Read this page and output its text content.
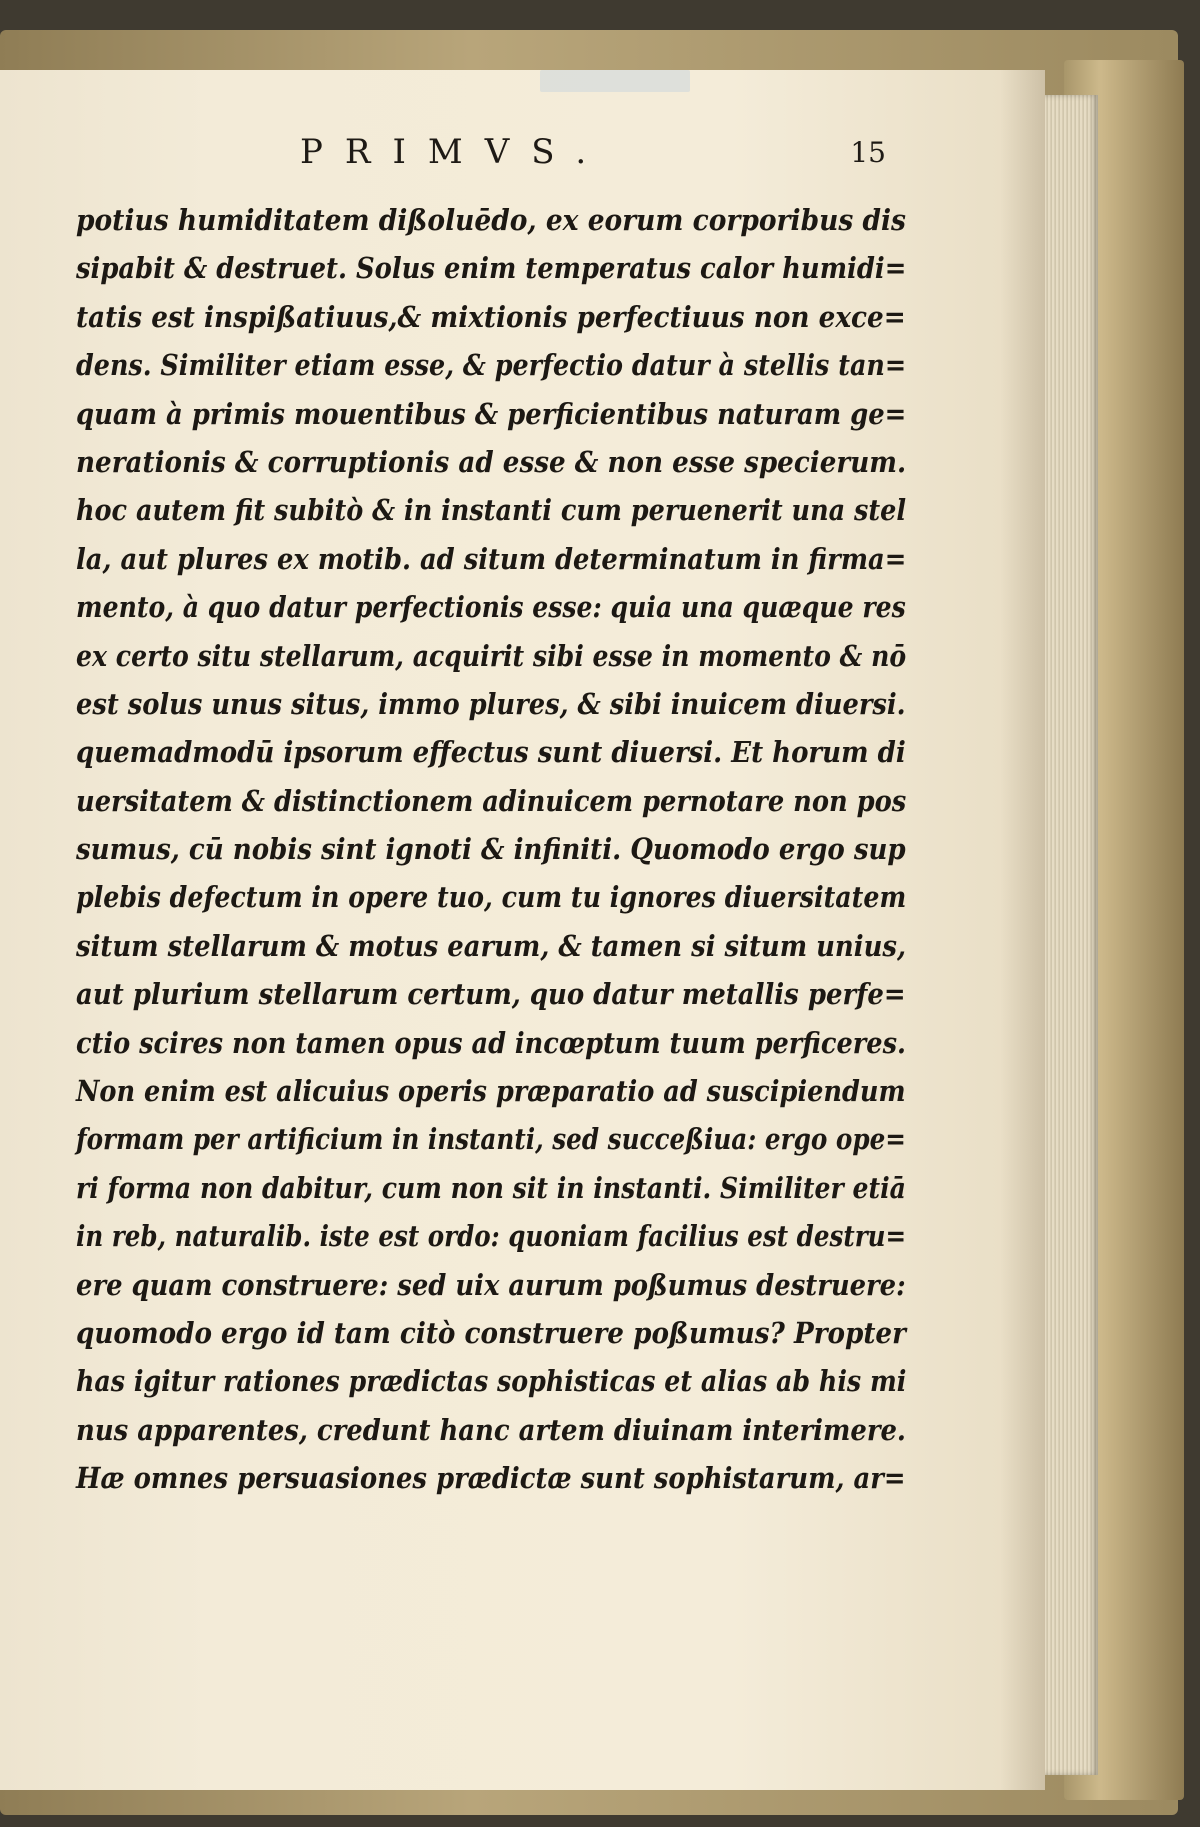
PRIMVS.	15
potius humiditatem dißoluēdo, ex eorum corporibus dis
sipabit & destruet. Solus enim temperatus calor humidi=
tatis est inspißatiuus,& mixtionis perfectiuus non exce=
dens. Similiter etiam esse, & perfectio datur à stellis tan=
quam à primis mouentibus & perficientibus naturam ge=
nerationis & corruptionis ad esse & non esse specierum.
hoc autem fit subitò & in instanti cum peruenerit una stel
la, aut plures ex motib. ad situm determinatum in firma=
mento, à quo datur perfectionis esse: quia una quæque res
ex certo situ stellarum, acquirit sibi esse in momento & nō
est solus unus situs, immo plures, & sibi inuicem diuersi.
quemadmodū ipsorum effectus sunt diuersi. Et horum di
uersitatem & distinctionem adinuicem pernotare non pos
sumus, cū nobis sint ignoti & infiniti. Quomodo ergo sup
plebis defectum in opere tuo, cum tu ignores diuersitatem
situm stellarum & motus earum, & tamen si situm unius,
aut plurium stellarum certum, quo datur metallis perfe=
ctio scires non tamen opus ad incœptum tuum perficeres.
Non enim est alicuius operis præparatio ad suscipiendum
formam per artificium in instanti, sed succeßiua: ergo ope=
ri forma non dabitur, cum non sit in instanti. Similiter etiā
in reb, naturalib. iste est ordo: quoniam facilius est destru=
ere quam construere: sed uix aurum poßumus destruere:
quomodo ergo id tam citò construere poßumus? Propter
has igitur rationes prædictas sophisticas et alias ab his mi
nus apparentes, credunt hanc artem diuinam interimere.
Hæ omnes persuasiones prædictæ sunt sophistarum, ar=
